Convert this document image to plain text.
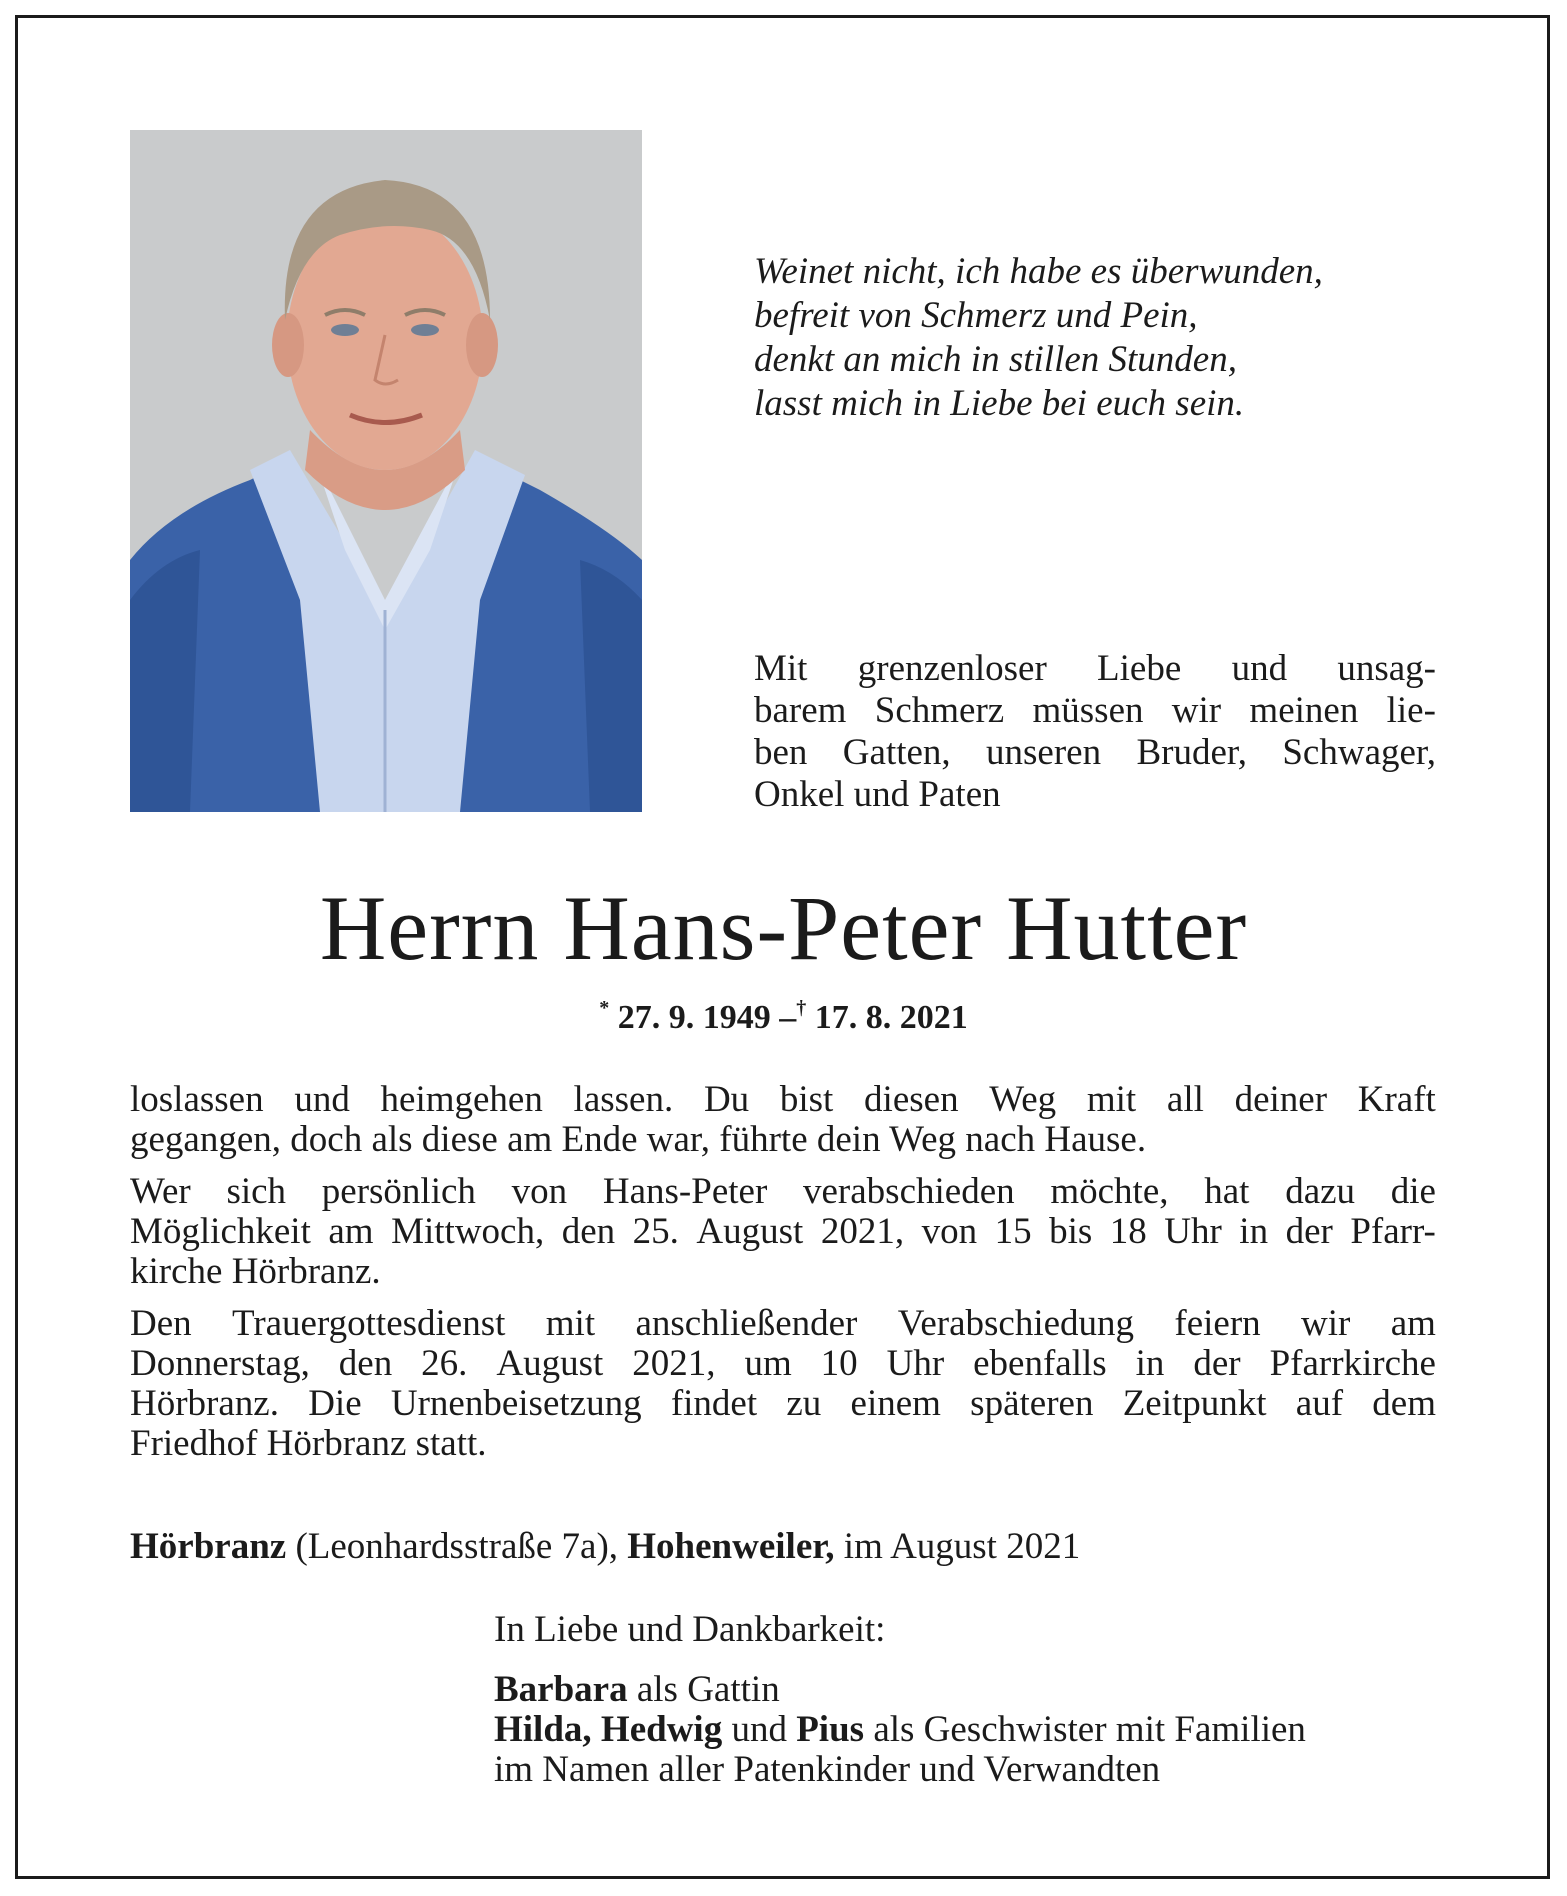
Weinet nicht, ich habe es überwunden,
befreit von Schmerz und Pein,
denkt an mich in stillen Stunden,
lasst mich in Liebe bei euch sein.
Mit grenzenloser Liebe und unsag-
barem Schmerz müssen wir meinen lie-
ben Gatten, unseren Bruder, Schwager,
Onkel und Paten
Herrn Hans-Peter Hutter
* 27. 9. 1949 –† 17. 8. 2021
loslassen und heimgehen lassen. Du bist diesen Weg mit all deiner Kraft
gegangen, doch als diese am Ende war, führte dein Weg nach Hause.
Wer sich persönlich von Hans-Peter verabschieden möchte, hat dazu die
Möglichkeit am Mittwoch, den 25. August 2021, von 15 bis 18 Uhr in der Pfarr-
kirche Hörbranz.
Den Trauergottesdienst mit anschließender Verabschiedung feiern wir am
Donnerstag, den 26. August 2021, um 10 Uhr ebenfalls in der Pfarrkirche
Hörbranz. Die Urnenbeisetzung findet zu einem späteren Zeitpunkt auf dem
Friedhof Hörbranz statt.
Hörbranz (Leonhardsstraße 7a), Hohenweiler, im August 2021
In Liebe und Dankbarkeit:
Barbara als Gattin
Hilda, Hedwig und Pius als Geschwister mit Familien
im Namen aller Patenkinder und Verwandten
